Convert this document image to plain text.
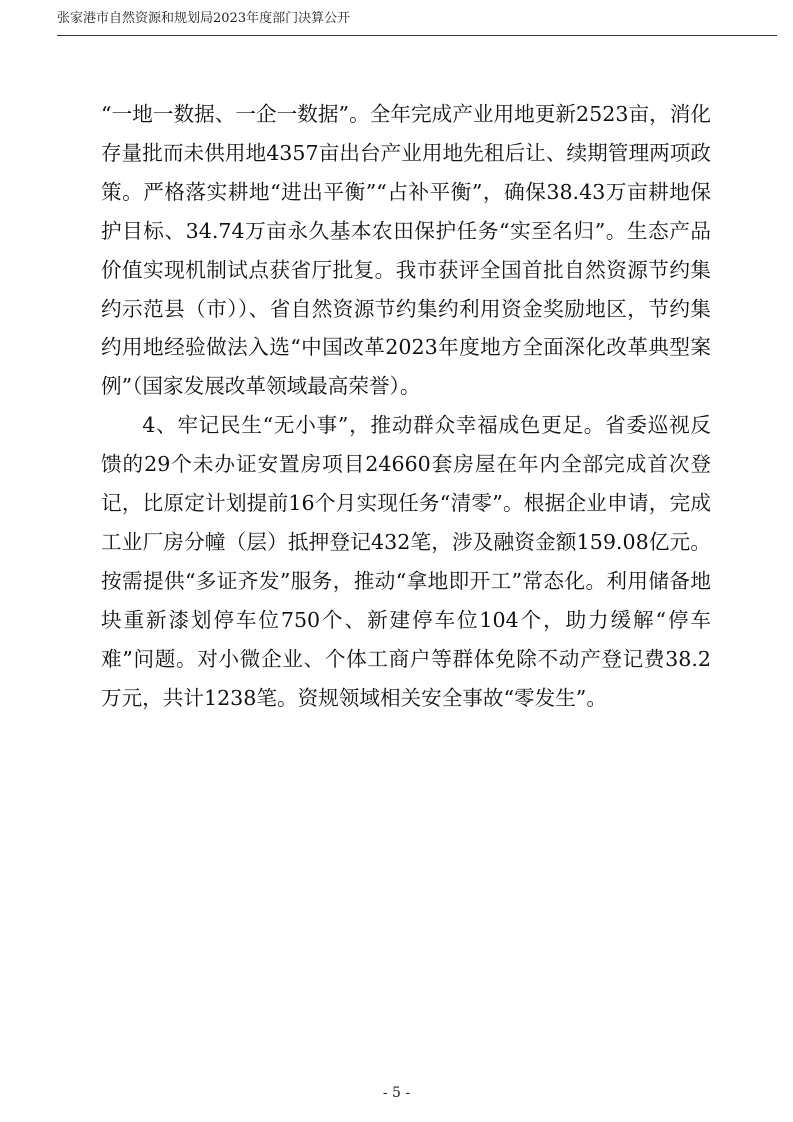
张家港市自然资源和规划局2023年度部门决算公开

“一地一数据、一企一数据”。全年完成产业用地更新2523亩，消化存量批而未供用地4357亩出台产业用地先租后让、续期管理两项政策。严格落实耕地“进出平衡”“占补平衡”，确保38.43万亩耕地保护目标、34.74万亩永久基本农田保护任务“实至名归”。生态产品价值实现机制试点获省厅批复。我市获评全国首批自然资源节约集约示范县（市））、省自然资源节约集约利用资金奖励地区，节约集约用地经验做法入选“中国改革2023年度地方全面深化改革典型案例”（国家发展改革领域最高荣誉）。

4、牢记民生“无小事”，推动群众幸福成色更足。省委巡视反馈的29个未办证安置房项目24660套房屋在年内全部完成首次登记，比原定计划提前16个月实现任务“清零”。根据企业申请，完成工业厂房分幢（层）抵押登记432笔，涉及融资金额159.08亿元。按需提供“多证齐发”服务，推动“拿地即开工”常态化。利用储备地块重新漆划停车位750个、新建停车位104个，助力缓解“停车难”问题。对小微企业、个体工商户等群体免除不动产登记费38.2万元，共计1238笔。资规领域相关安全事故“零发生”。

- 5 -
